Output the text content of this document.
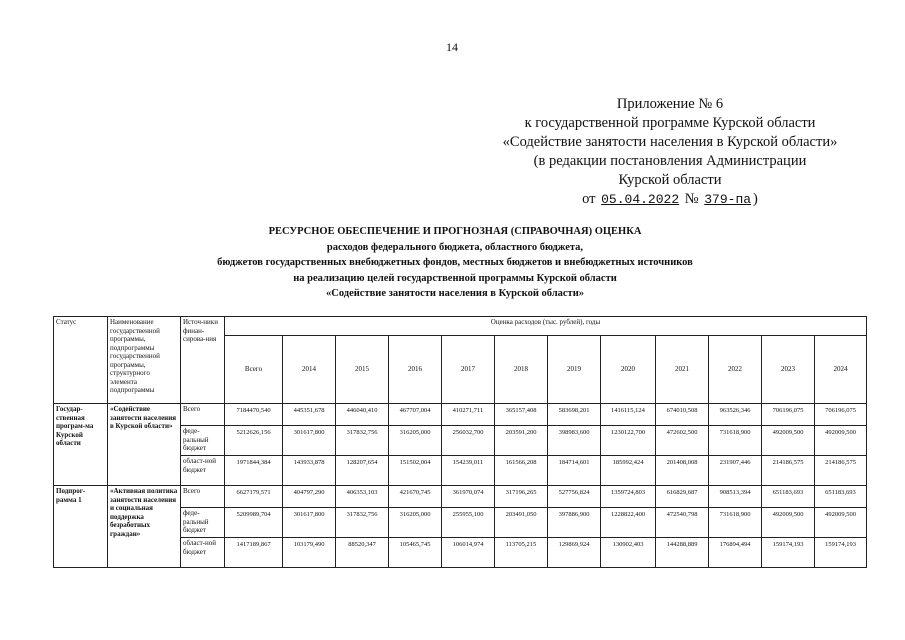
14
Приложение № 6
к государственной программе Курской области
«Содействие занятости населения в Курской области»
(в редакции постановления Администрации
Курской области
от 05.04.2022 № 379-па )
РЕСУРСНОЕ ОБЕСПЕЧЕНИЕ И ПРОГНОЗНАЯ (СПРАВОЧНАЯ) ОЦЕНКА
расходов федерального бюджета, областного бюджета,
бюджетов государственных внебюджетных фондов, местных бюджетов и внебюджетных источников
на реализацию целей государственной программы Курской области
«Содействие занятости населения в Курской области»
Статус	Наименование государственной программы, подпрограммы государственной программы, структурного элемента подпрограммы	Источ-ники финан-сирова-ния	Оценка расходов (тыс. рублей), годы											
			Всего	2014	2015	2016	2017	2018	2019	2020	2021	2022	2023	2024
Государ-ственная програм-ма Курской области	«Содействие занятости населения в Курской области»	Всего	7184470,540	445351,678	446040,410	467707,004	410271,711	365157,408	583698,201	1416115,124	674010,508	963526,346	706196,075	706196,075
		феде-ральный бюджет	5212626,156	301617,800	317832,756	316205,000	256032,700	203591,200	398983,600	1230122,700	472602,500	731618,900	492009,500	492009,500
		област-ной бюджет	1971844,384	143933,878	128207,654	151502,004	154239,011	161566,208	184714,601	185992,424	201408,008	231907,446	214186,575	214186,575
Подпрог-рамма 1	«Активная политика занятости населения и социальная поддержка безработных граждан»	Всего	6627179,571	404797,290	406353,103	421670,745	361970,074	317196,265	527756,824	1359724,803	616829,687	908513,394	651183,693	651183,693
		феде-ральный бюджет	5209989,704	301617,800	317832,756	316205,000	255955,100	203491,050	397886,900	1228822,400	472540,798	731618,900	492009,500	492009,500
		област-ной бюджет	1417189,867	103179,490	88520,347	105465,745	106014,974	113705,215	129869,924	130902,403	144288,889	176894,494	159174,193	159174,193
